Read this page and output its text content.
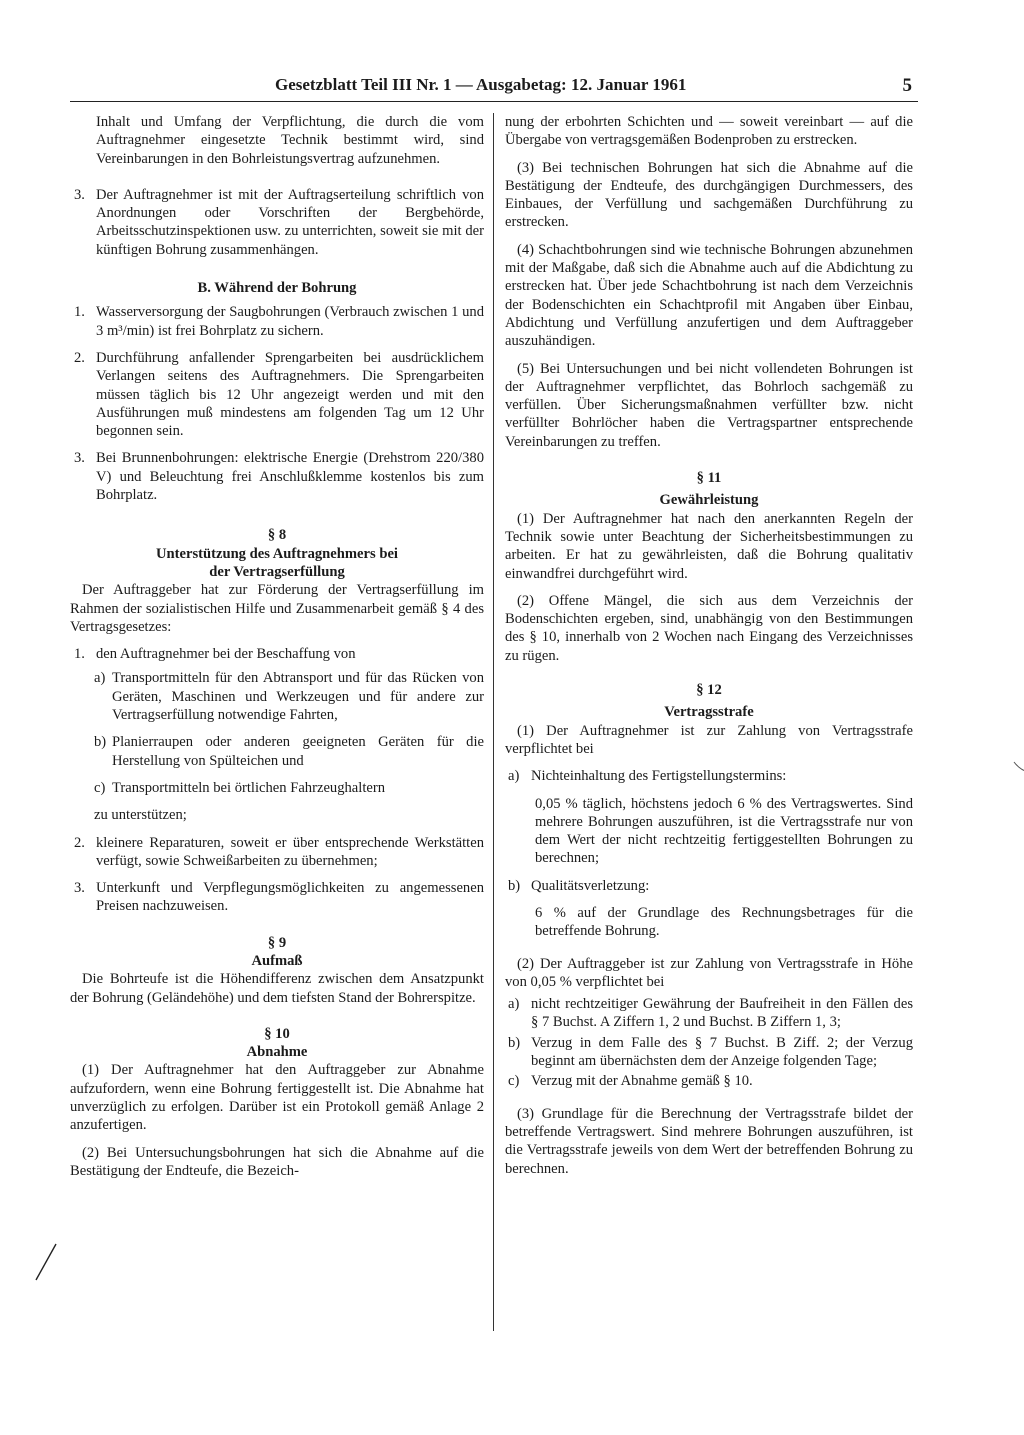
Gesetzblatt Teil III Nr. 1 — Ausgabetag: 12. Januar 1961	5

Inhalt und Umfang der Verpflichtung, die durch die vom Auftragnehmer eingesetzte Technik bestimmt wird, sind Vereinbarungen in den Bohrleistungsvertrag aufzunehmen.

3. Der Auftragnehmer ist mit der Auftragserteilung schriftlich von Anordnungen oder Vorschriften der Bergbehörde, Arbeitsschutzinspektionen usw. zu unterrichten, soweit sie mit der künftigen Bohrung zusammenhängen.

B. Während der Bohrung

1. Wasserversorgung der Saugbohrungen (Verbrauch zwischen 1 und 3 m³/min) ist frei Bohrplatz zu sichern.
2. Durchführung anfallender Sprengarbeiten bei ausdrücklichem Verlangen seitens des Auftragnehmers. Die Sprengarbeiten müssen täglich bis 12 Uhr angezeigt werden und mit den Ausführungen muß mindestens am folgenden Tag um 12 Uhr begonnen sein.
3. Bei Brunnenbohrungen: elektrische Energie (Drehstrom 220/380 V) und Beleuchtung frei Anschlußklemme kostenlos bis zum Bohrplatz.

§ 8

Unterstützung des Auftragnehmers bei

der Vertragserfüllung

Der Auftraggeber hat zur Förderung der Vertragserfüllung im Rahmen der sozialistischen Hilfe und Zusammenarbeit gemäß § 4 des Vertragsgesetzes:

1. den Auftragnehmer bei der Beschaffung von
a) Transportmitteln für den Abtransport und für das Rücken von Geräten, Maschinen und Werkzeugen und für andere zur Vertragserfüllung notwendige Fahrten,
b) Planierraupen oder anderen geeigneten Geräten für die Herstellung von Spülteichen und
c) Transportmitteln bei örtlichen Fahrzeughaltern

zu unterstützen;

2. kleinere Reparaturen, soweit er über entsprechende Werkstätten verfügt, sowie Schweißarbeiten zu übernehmen;
3. Unterkunft und Verpflegungsmöglichkeiten zu angemessenen Preisen nachzuweisen.

§ 9

Aufmaß

Die Bohrteufe ist die Höhendifferenz zwischen dem Ansatzpunkt der Bohrung (Geländehöhe) und dem tiefsten Stand der Bohrerspitze.

§ 10

Abnahme

(1) Der Auftragnehmer hat den Auftraggeber zur Abnahme aufzufordern, wenn eine Bohrung fertiggestellt ist. Die Abnahme hat unverzüglich zu erfolgen. Darüber ist ein Protokoll gemäß Anlage 2 anzufertigen.

(2) Bei Untersuchungsbohrungen hat sich die Abnahme auf die Bestätigung der Endteufe, die Bezeich-

nung der erbohrten Schichten und — soweit vereinbart — auf die Übergabe von vertragsgemäßen Bodenproben zu erstrecken.

(3) Bei technischen Bohrungen hat sich die Abnahme auf die Bestätigung der Endteufe, des durchgängigen Durchmessers, des Einbaues, der Verfüllung und sachgemäßen Durchführung zu erstrecken.

(4) Schachtbohrungen sind wie technische Bohrungen abzunehmen mit der Maßgabe, daß sich die Abnahme auch auf die Abdichtung zu erstrecken hat. Über jede Schachtbohrung ist nach dem Verzeichnis der Bodenschichten ein Schachtprofil mit Angaben über Einbau, Abdichtung und Verfüllung anzufertigen und dem Auftraggeber auszuhändigen.

(5) Bei Untersuchungen und bei nicht vollendeten Bohrungen ist der Auftragnehmer verpflichtet, das Bohrloch sachgemäß zu verfüllen. Über Sicherungsmaßnahmen verfüllter bzw. nicht verfüllter Bohrlöcher haben die Vertragspartner entsprechende Vereinbarungen zu treffen.

§ 11

Gewährleistung

(1) Der Auftragnehmer hat nach den anerkannten Regeln der Technik sowie unter Beachtung der Sicherheitsbestimmungen zu arbeiten. Er hat zu gewährleisten, daß die Bohrung qualitativ einwandfrei durchgeführt wird.

(2) Offene Mängel, die sich aus dem Verzeichnis der Bodenschichten ergeben, sind, unabhängig von den Bestimmungen des § 10, innerhalb von 2 Wochen nach Eingang des Verzeichnisses zu rügen.

§ 12

Vertragsstrafe

(1) Der Auftragnehmer ist zur Zahlung von Vertragsstrafe verpflichtet bei

a) Nichteinhaltung des Fertigstellungstermins:

0,05 % täglich, höchstens jedoch 6 % des Vertragswertes. Sind mehrere Bohrungen auszuführen, ist die Vertragsstrafe nur von dem Wert der nicht rechtzeitig fertiggestellten Bohrungen zu berechnen;

b) Qualitätsverletzung:

6 % auf der Grundlage des Rechnungsbetrages für die betreffende Bohrung.

(2) Der Auftraggeber ist zur Zahlung von Vertragsstrafe in Höhe von 0,05 % verpflichtet bei

a) nicht rechtzeitiger Gewährung der Baufreiheit in den Fällen des § 7 Buchst. A Ziffern 1, 2 und Buchst. B Ziffern 1, 3;
b) Verzug in dem Falle des § 7 Buchst. B Ziff. 2; der Verzug beginnt am übernächsten dem der Anzeige folgenden Tage;
c) Verzug mit der Abnahme gemäß § 10.

(3) Grundlage für die Berechnung der Vertragsstrafe bildet der betreffende Vertragswert. Sind mehrere Bohrungen auszuführen, ist die Vertragsstrafe jeweils von dem Wert der betreffenden Bohrung zu berechnen.
